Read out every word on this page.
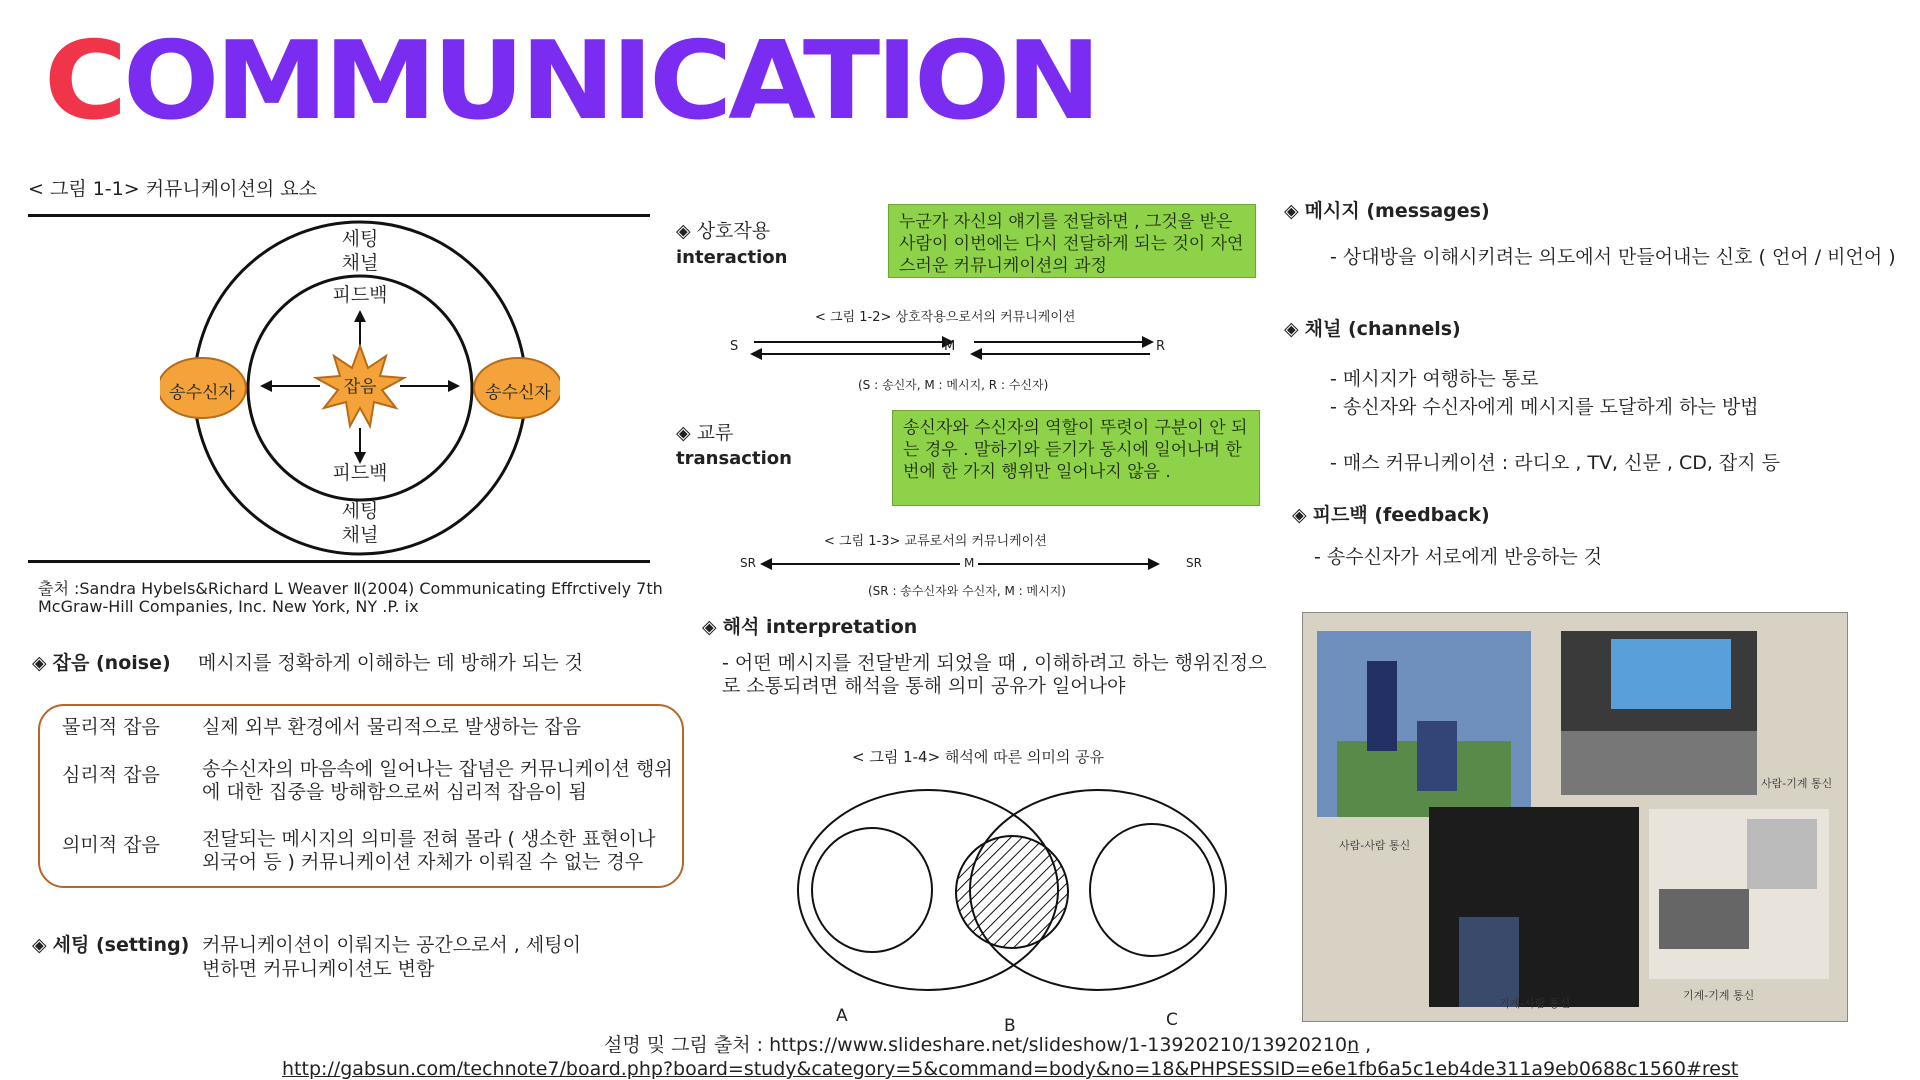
COMMUNICATION
< 그림 1-1> 커뮤니케이션의 요소
세팅
채널
피드백
잡음
송수신자	송수신자
피드백
세팅
채널
출처 :Sandra Hybels&Richard L Weaver Ⅱ(2004) Communicating Effrctively 7th
McGraw-Hill Companies, Inc. New York, NY .P. ix
◈ 잡음 (noise) 메시지를 정확하게 이해하는 데 방해가 되는 것
물리적 잡음 실제 외부 환경에서 물리적으로 발생하는 잡음
심리적 잡음 송수신자의 마음속에 일어나는 잡념은 커뮤니케이션 행위에 대한 집중을 방해함으로써 심리적 잡음이 됨
의미적 잡음 전달되는 메시지의 의미를 전혀 몰라 ( 생소한 표현이나 외국어 등 ) 커뮤니케이션 자체가 이뤄질 수 없는 경우
◈ 세팅 (setting) 커뮤니케이션이 이뤄지는 공간으로서 , 세팅이
변하면 커뮤니케이션도 변함
◈ 상호작용
interaction
누군가 자신의 얘기를 전달하면 , 그것을 받은 사람이 이번에는 다시 전달하게 되는 것이 자연스러운 커뮤니케이션의 과정
< 그림 1-2> 상호작용으로서의 커뮤니케이션
S	M	R
(S : 송신자, M : 메시지, R : 수신자)
◈ 교류
transaction
송신자와 수신자의 역할이 뚜렷이 구분이 안 되는 경우 . 말하기와 듣기가 동시에 일어나며 한 번에 한 가지 행위만 일어나지 않음 .
< 그림 1-3> 교류로서의 커뮤니케이션
SR	M	SR
(SR : 송수신자와 수신자, M : 메시지)
◈ 해석 interpretation
- 어떤 메시지를 전달받게 되었을 때 , 이해하려고 하는 행위진정으로 소통되려면 해석을 통해 의미 공유가 일어나야
< 그림 1-4> 해석에 따른 의미의 공유
A	B	C
◈ 메시지 (messages)
- 상대방을 이해시키려는 의도에서 만들어내는 신호 ( 언어 / 비언어 )
◈ 채널 (channels)
- 메시지가 여행하는 통로
- 송신자와 수신자에게 메시지를 도달하게 하는 방법
- 매스 커뮤니케이션 : 라디오 , TV, 신문 , CD, 잡지 등
◈ 피드백 (feedback)
- 송수신자가 서로에게 반응하는 것
사람-사람 통신
사람-기계 통신
기계-사람 통신
기계-기계 통신
설명 및 그림 출처 : https://www.slideshare.net/slideshow/1-13920210/13920210n ,
http://gabsun.com/technote7/board.php?board=study&category=5&command=body&no=18&PHPSESSID=e6e1fb6a5c1eb4de311a9eb0688c1560#rest
